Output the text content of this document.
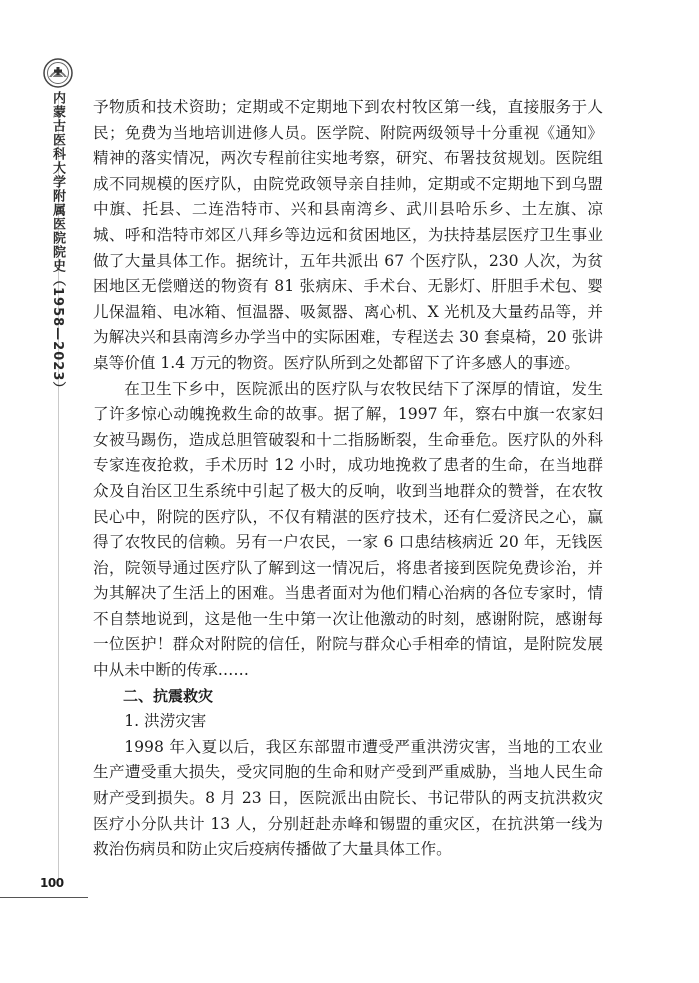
内蒙古医科大学附属医院院史（1958—2023） 予物质和技术资助；定期或不定期地下到农村牧区第一线，直接服务于人民；免费为当地培训进修人员。医学院、附院两级领导十分重视《通知》精神的落实情况，两次专程前往实地考察，研究、布署技贫规划。医院组成不同规模的医疗队，由院党政领导亲自挂帅，定期或不定期地下到乌盟中旗、托县、二连浩特市、兴和县南湾乡、武川县哈乐乡、土左旗、凉城、呼和浩特市郊区八拜乡等边远和贫困地区，为扶持基层医疗卫生事业做了大量具体工作。据统计，五年共派出 67 个医疗队，230 人次，为贫困地区无偿赠送的物资有 81 张病床、手术台、无影灯、肝胆手术包、婴儿保温箱、电冰箱、恒温器、吸氮器、离心机、X 光机及大量药品等，并为解决兴和县南湾乡办学当中的实际困难，专程送去 30 套桌椅，20 张讲桌等价值 1.4 万元的物资。医疗队所到之处都留下了许多感人的事迹。

在卫生下乡中，医院派出的医疗队与农牧民结下了深厚的情谊，发生了许多惊心动魄挽救生命的故事。据了解，1997 年，察右中旗一农家妇女被马踢伤，造成总胆管破裂和十二指肠断裂，生命垂危。医疗队的外科专家连夜抢救，手术历时 12 小时，成功地挽救了患者的生命，在当地群众及自治区卫生系统中引起了极大的反响，收到当地群众的赞誉，在农牧民心中，附院的医疗队，不仅有精湛的医疗技术，还有仁爱济民之心，赢得了农牧民的信赖。另有一户农民，一家 6 口患结核病近 20 年，无钱医治，院领导通过医疗队了解到这一情况后，将患者接到医院免费诊治，并为其解决了生活上的困难。当患者面对为他们精心治病的各位专家时，情不自禁地说到，这是他一生中第一次让他激动的时刻，感谢附院，感谢每一位医护！群众对附院的信任，附院与群众心手相牵的情谊，是附院发展中从未中断的传承……

二、抗震救灾

1. 洪涝灾害

1998 年入夏以后，我区东部盟市遭受严重洪涝灾害，当地的工农业生产遭受重大损失，受灾同胞的生命和财产受到严重威胁，当地人民生命财产受到损失。8 月 23 日，医院派出由院长、书记带队的两支抗洪救灾医疗小分队共计 13 人，分别赶赴赤峰和锡盟的重灾区，在抗洪第一线为救治伤病员和防止灾后疫病传播做了大量具体工作。

100
